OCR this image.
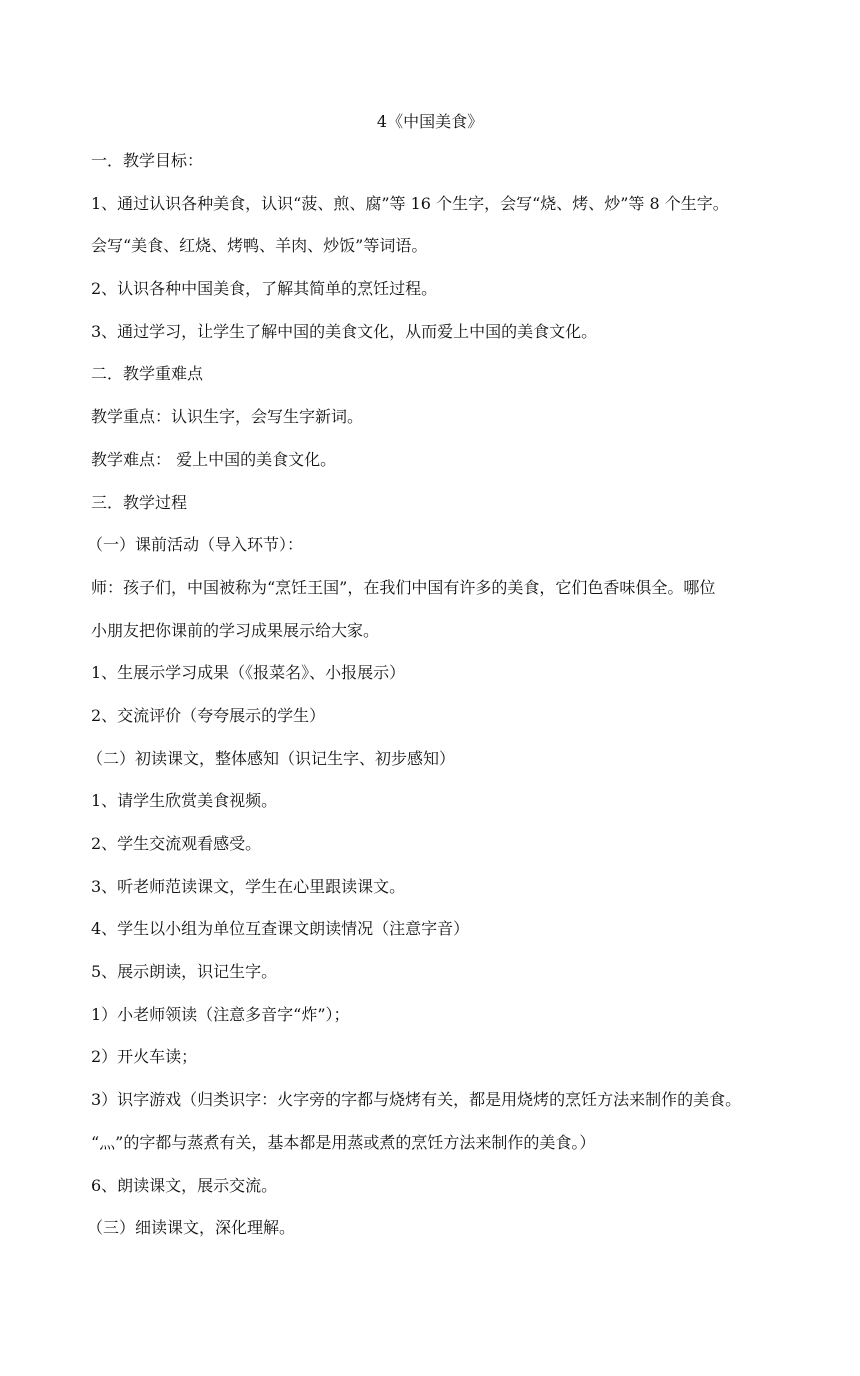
4《中国美食》
一．教学目标：
1、通过认识各种美食，认识“菠、煎、腐”等 16 个生字，会写“烧、烤、炒”等 8 个生字。
会写“美食、红烧、烤鸭、羊肉、炒饭”等词语。
2、认识各种中国美食，了解其简单的烹饪过程。
3、通过学习，让学生了解中国的美食文化，从而爱上中国的美食文化。
二．教学重难点
教学重点：认识生字，会写生字新词。
教学难点： 爱上中国的美食文化。
三．教学过程
（一）课前活动（导入环节）：
师：孩子们，中国被称为“烹饪王国”，在我们中国有许多的美食，它们色香味俱全。哪位
小朋友把你课前的学习成果展示给大家。
1、生展示学习成果（《报菜名》、小报展示）
2、交流评价（夸夸展示的学生）
（二）初读课文，整体感知（识记生字、初步感知）
1、请学生欣赏美食视频。
2、学生交流观看感受。
3、听老师范读课文，学生在心里跟读课文。
4、学生以小组为单位互查课文朗读情况（注意字音）
5、展示朗读，识记生字。
1）小老师领读（注意多音字“炸”）；
2）开火车读；
3）识字游戏（归类识字：火字旁的字都与烧烤有关，都是用烧烤的烹饪方法来制作的美食。
“灬”的字都与蒸煮有关，基本都是用蒸或煮的烹饪方法来制作的美食。）
6、朗读课文，展示交流。
（三）细读课文，深化理解。
